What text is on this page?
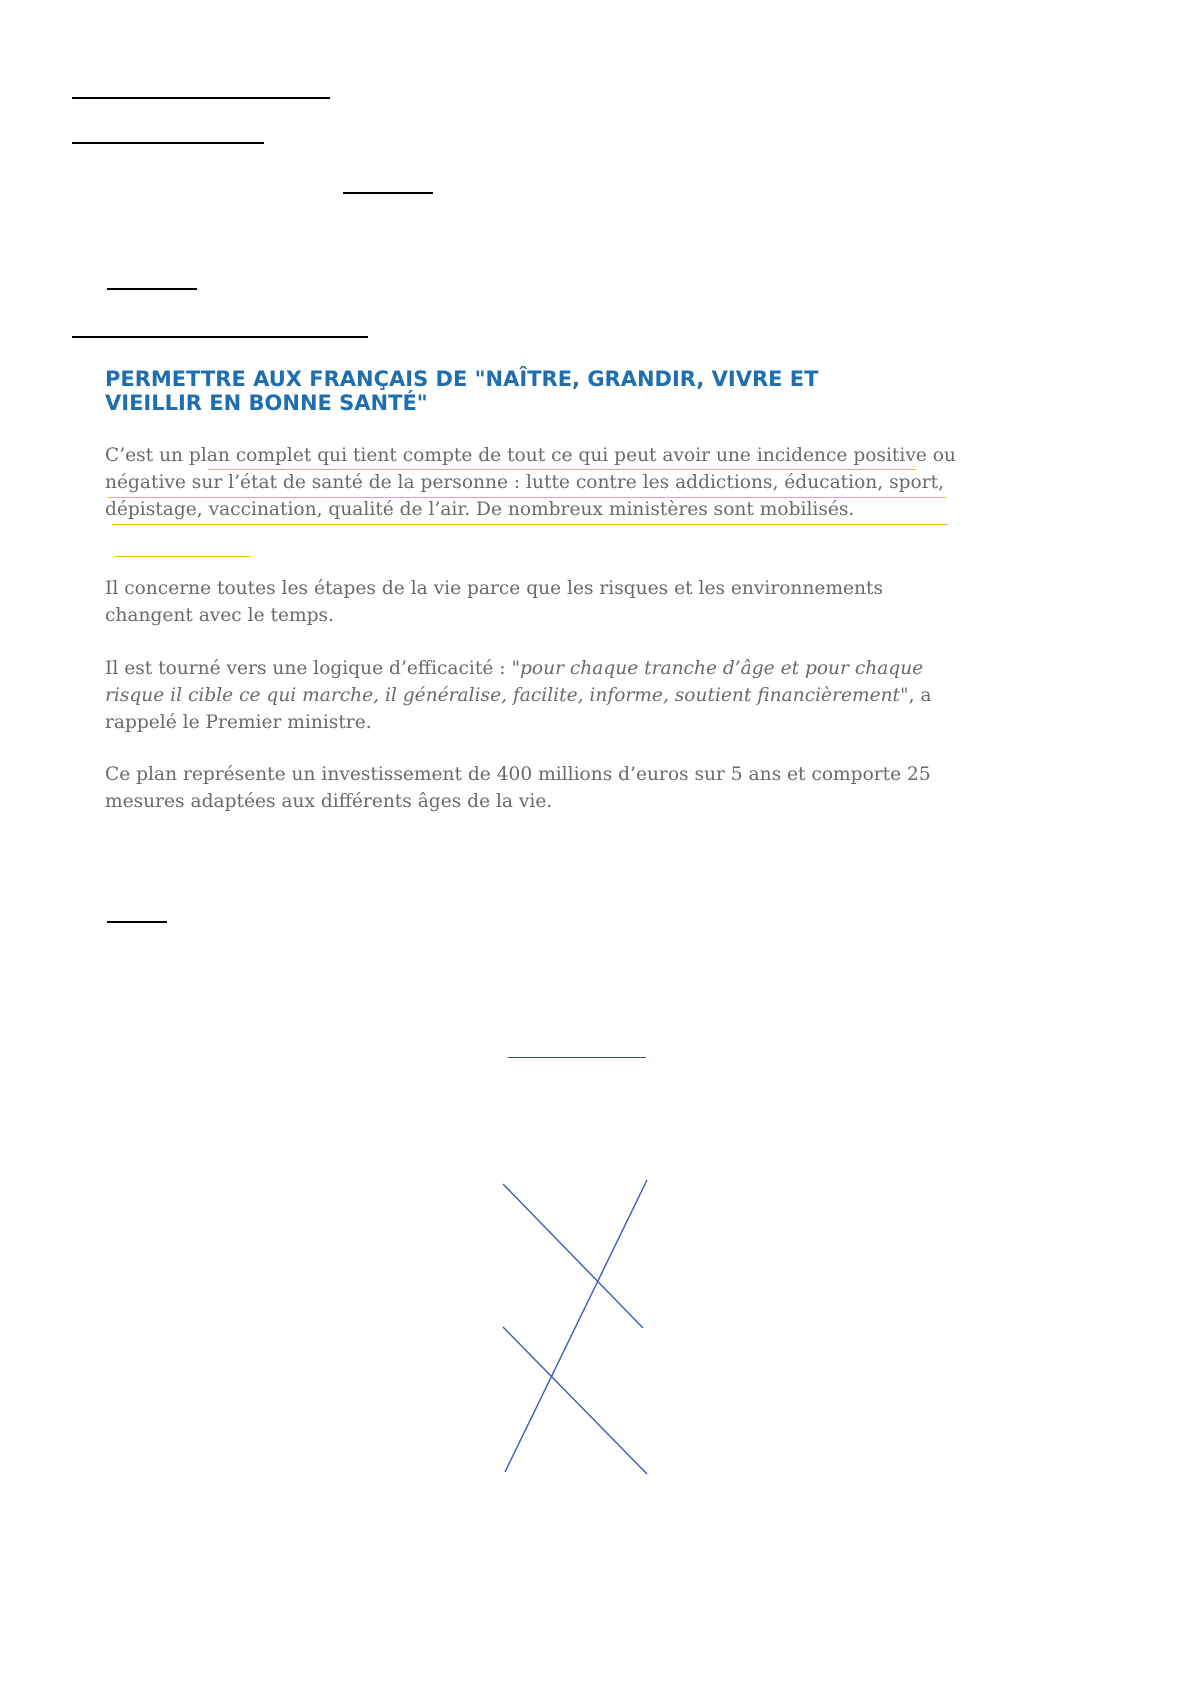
PERMETTRE AUX FRANÇAIS DE "NAÎTRE, GRANDIR, VIVRE ET
VIEILLIR EN BONNE SANTÉ"

C’est un plan complet qui tient compte de tout ce qui peut avoir une incidence positive ou négative sur l’état de santé de la personne : lutte contre les addictions, éducation, sport, dépistage, vaccination, qualité de l’air. De nombreux ministères sont mobilisés.

Il concerne toutes les étapes de la vie parce que les risques et les environnements changent avec le temps.

Il est tourné vers une logique d’efficacité : "pour chaque tranche d’âge et pour chaque risque il cible ce qui marche, il généralise, facilite, informe, soutient financièrement", a rappelé le Premier ministre.

Ce plan représente un investissement de 400 millions d’euros sur 5 ans et comporte 25 mesures adaptées aux différents âges de la vie.
